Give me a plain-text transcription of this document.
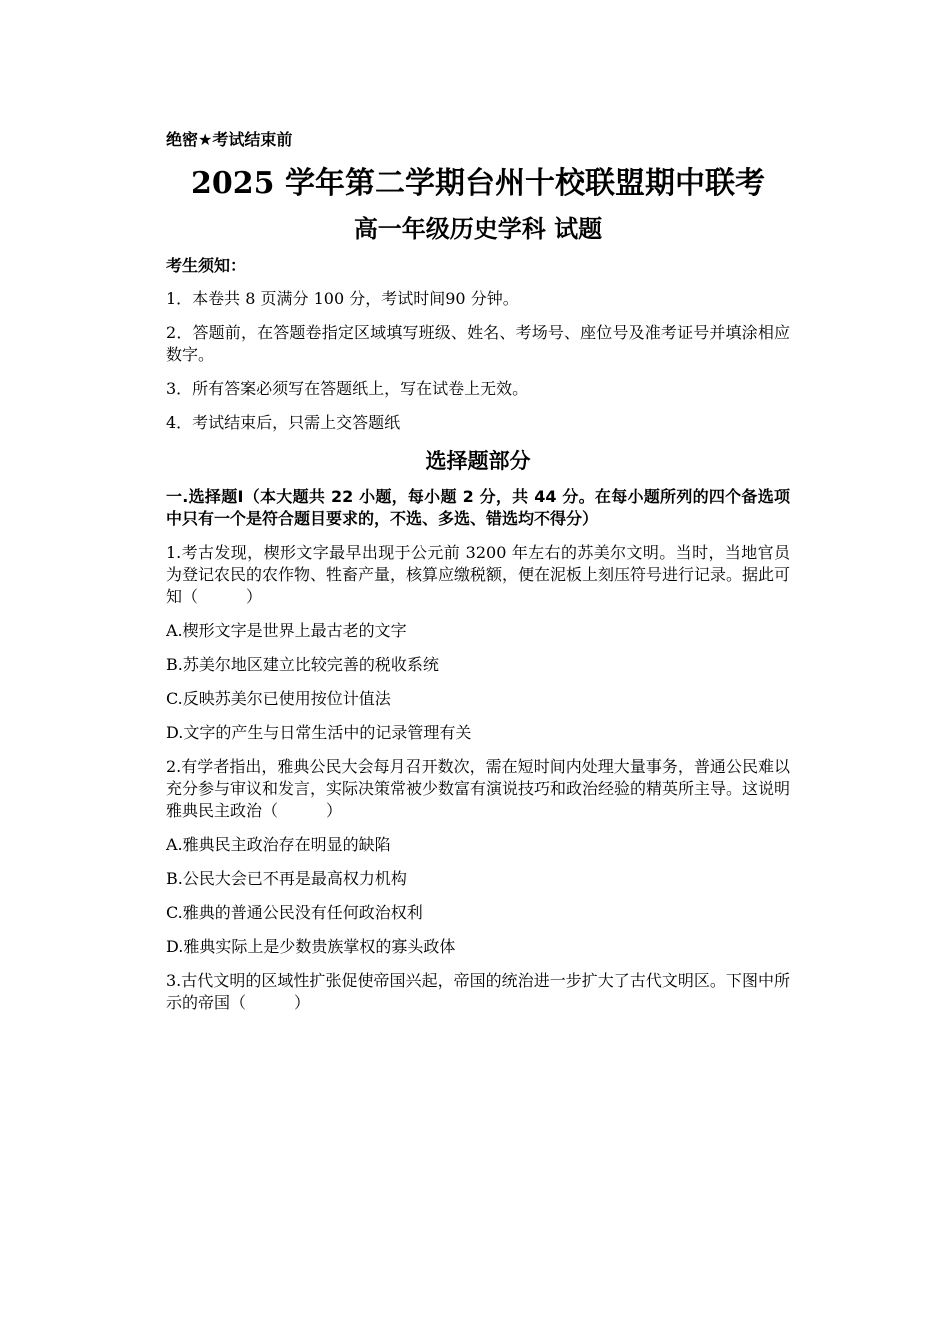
绝密★考试结束前
2025 学年第二学期台州十校联盟期中联考
高一年级历史学科 试题
考生须知：
1．本卷共 8 页满分 100 分，考试时间90 分钟。
2．答题前，在答题卷指定区域填写班级、姓名、考场号、座位号及准考证号并填涂相应数字。
3．所有答案必须写在答题纸上，写在试卷上无效。
4．考试结束后，只需上交答题纸
选择题部分
一.选择题Ⅰ（本大题共 22 小题，每小题 2 分，共 44 分。在每小题所列的四个备选项中只有一个是符合题目要求的，不选、多选、错选均不得分）
1.考古发现，楔形文字最早出现于公元前 3200 年左右的苏美尔文明。当时，当地官员为登记农民的农作物、牲畜产量，核算应缴税额，便在泥板上刻压符号进行记录。据此可知（　　　）
A.楔形文字是世界上最古老的文字
B.苏美尔地区建立比较完善的税收系统
C.反映苏美尔已使用按位计值法
D.文字的产生与日常生活中的记录管理有关
2.有学者指出，雅典公民大会每月召开数次，需在短时间内处理大量事务，普通公民难以充分参与审议和发言，实际决策常被少数富有演说技巧和政治经验的精英所主导。这说明雅典民主政治（　　　）
A.雅典民主政治存在明显的缺陷
B.公民大会已不再是最高权力机构
C.雅典的普通公民没有任何政治权利
D.雅典实际上是少数贵族掌权的寡头政体
3.古代文明的区域性扩张促使帝国兴起，帝国的统治进一步扩大了古代文明区。下图中所示的帝国（　　　）
